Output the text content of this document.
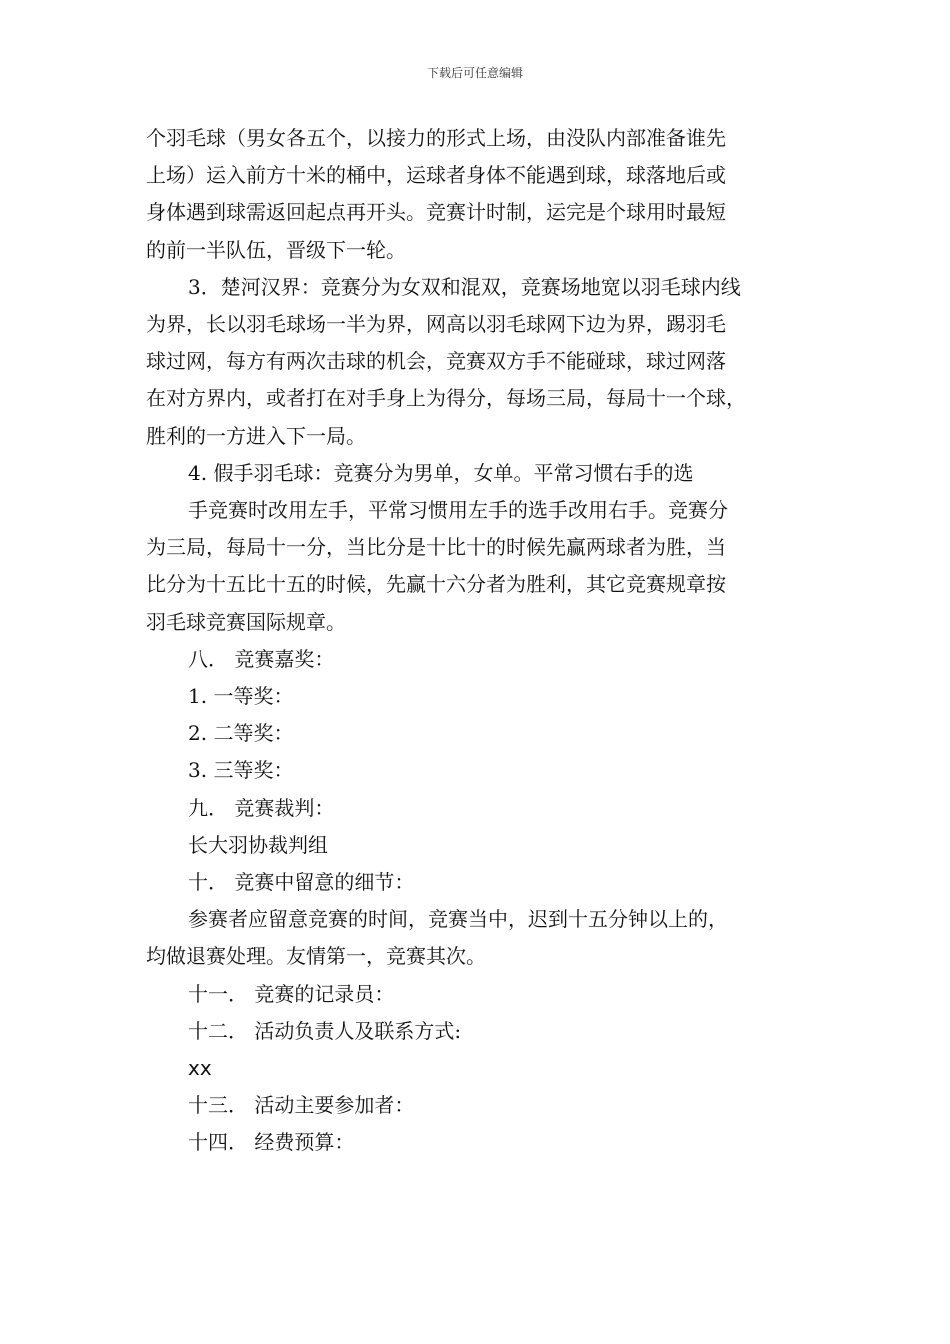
下载后可任意编辑

个羽毛球（男女各五个，以接力的形式上场，由没队内部准备谁先

上场）运入前方十米的桶中，运球者身体不能遇到球，球落地后或

身体遇到球需返回起点再开头。竞赛计时制，运完是个球用时最短

的前一半队伍，晋级下一轮。

3．楚河汉界：竞赛分为女双和混双，竞赛场地宽以羽毛球内线

为界，长以羽毛球场一半为界，网高以羽毛球网下边为界，踢羽毛

球过网，每方有两次击球的机会，竞赛双方手不能碰球，球过网落

在对方界内，或者打在对手身上为得分，每场三局，每局十一个球，

胜利的一方进入下一局。

4. 假手羽毛球：竞赛分为男单，女单。平常习惯右手的选

手竞赛时改用左手，平常习惯用左手的选手改用右手。竞赛分

为三局，每局十一分，当比分是十比十的时候先赢两球者为胜，当

比分为十五比十五的时候，先赢十六分者为胜利，其它竞赛规章按

羽毛球竞赛国际规章。

八． 竞赛嘉奖：

1. 一等奖：

2. 二等奖：

3. 三等奖：

九． 竞赛裁判：

长大羽协裁判组

十． 竞赛中留意的细节：

参赛者应留意竞赛的时间，竞赛当中，迟到十五分钟以上的，

均做退赛处理。友情第一，竞赛其次。

十一． 竞赛的记录员：

十二． 活动负责人及联系方式:

xx

十三． 活动主要参加者：

十四． 经费预算：
